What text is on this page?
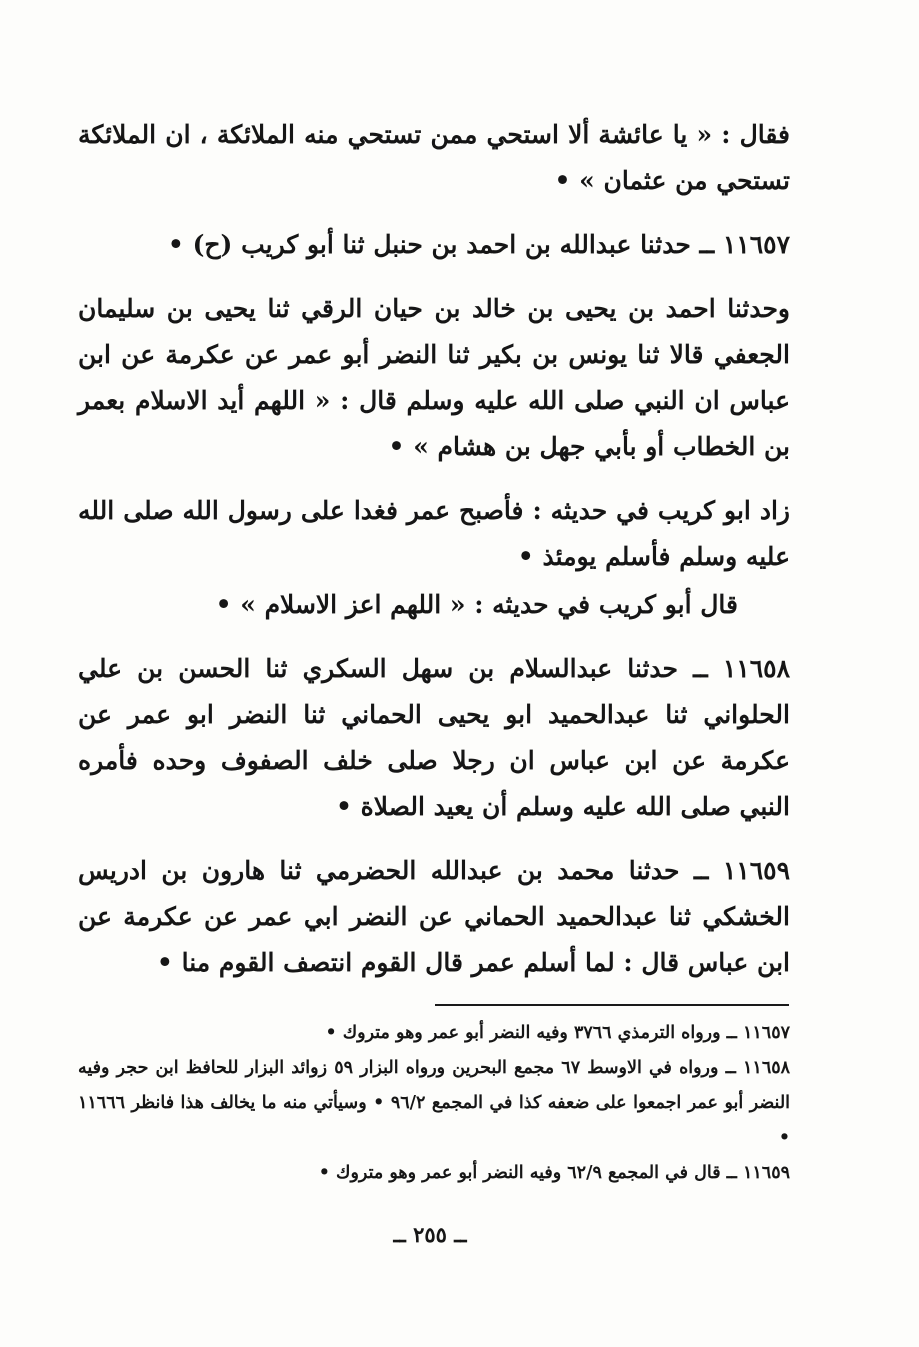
فقال : « يا عائشة ألا استحي ممن تستحي منه الملائكة ، ان الملائكة تستحي من عثمان » •

١١٦٥٧ ــ حدثنا عبدالله بن احمد بن حنبل ثنا أبو كريب (ح) •

وحدثنا احمد بن يحيى بن خالد بن حيان الرقي ثنا يحيى بن سليمان الجعفي قالا ثنا يونس بن بكير ثنا النضر أبو عمر عن عكرمة عن ابن عباس ان النبي صلى الله عليه وسلم قال : « اللهم أيد الاسلام بعمر بن الخطاب أو بأبي جهل بن هشام » •

زاد ابو كريب في حديثه : فأصبح عمر فغدا على رسول الله صلى الله عليه وسلم فأسلم يومئذ •

قال أبو كريب في حديثه : « اللهم اعز الاسلام » •

١١٦٥٨ ــ حدثنا عبدالسلام بن سهل السكري ثنا الحسن بن علي الحلواني ثنا عبدالحميد ابو يحيى الحماني ثنا النضر ابو عمر عن عكرمة عن ابن عباس ان رجلا صلى خلف الصفوف وحده فأمره النبي صلى الله عليه وسلم أن يعيد الصلاة •

١١٦٥٩ ــ حدثنا محمد بن عبدالله الحضرمي ثنا هارون بن ادريس الخشكي ثنا عبدالحميد الحماني عن النضر ابي عمر عن عكرمة عن ابن عباس قال : لما أسلم عمر قال القوم انتصف القوم منا •

١١٦٥٧ ــ ورواه الترمذي ٣٧٦٦ وفيه النضر أبو عمر وهو متروك •

١١٦٥٨ ــ ورواه في الاوسط ٦٧ مجمع البحرين ورواه البزار ٥٩ زوائد البزار للحافظ ابن حجر وفيه النضر أبو عمر اجمعوا على ضعفه كذا في المجمع ٩٦/٢ • وسيأتي منه ما يخالف هذا فانظر ١١٦٦٦ •

١١٦٥٩ ــ قال في المجمع ٦٢/٩ وفيه النضر أبو عمر وهو متروك •

ــ ٢٥٥ ــ
